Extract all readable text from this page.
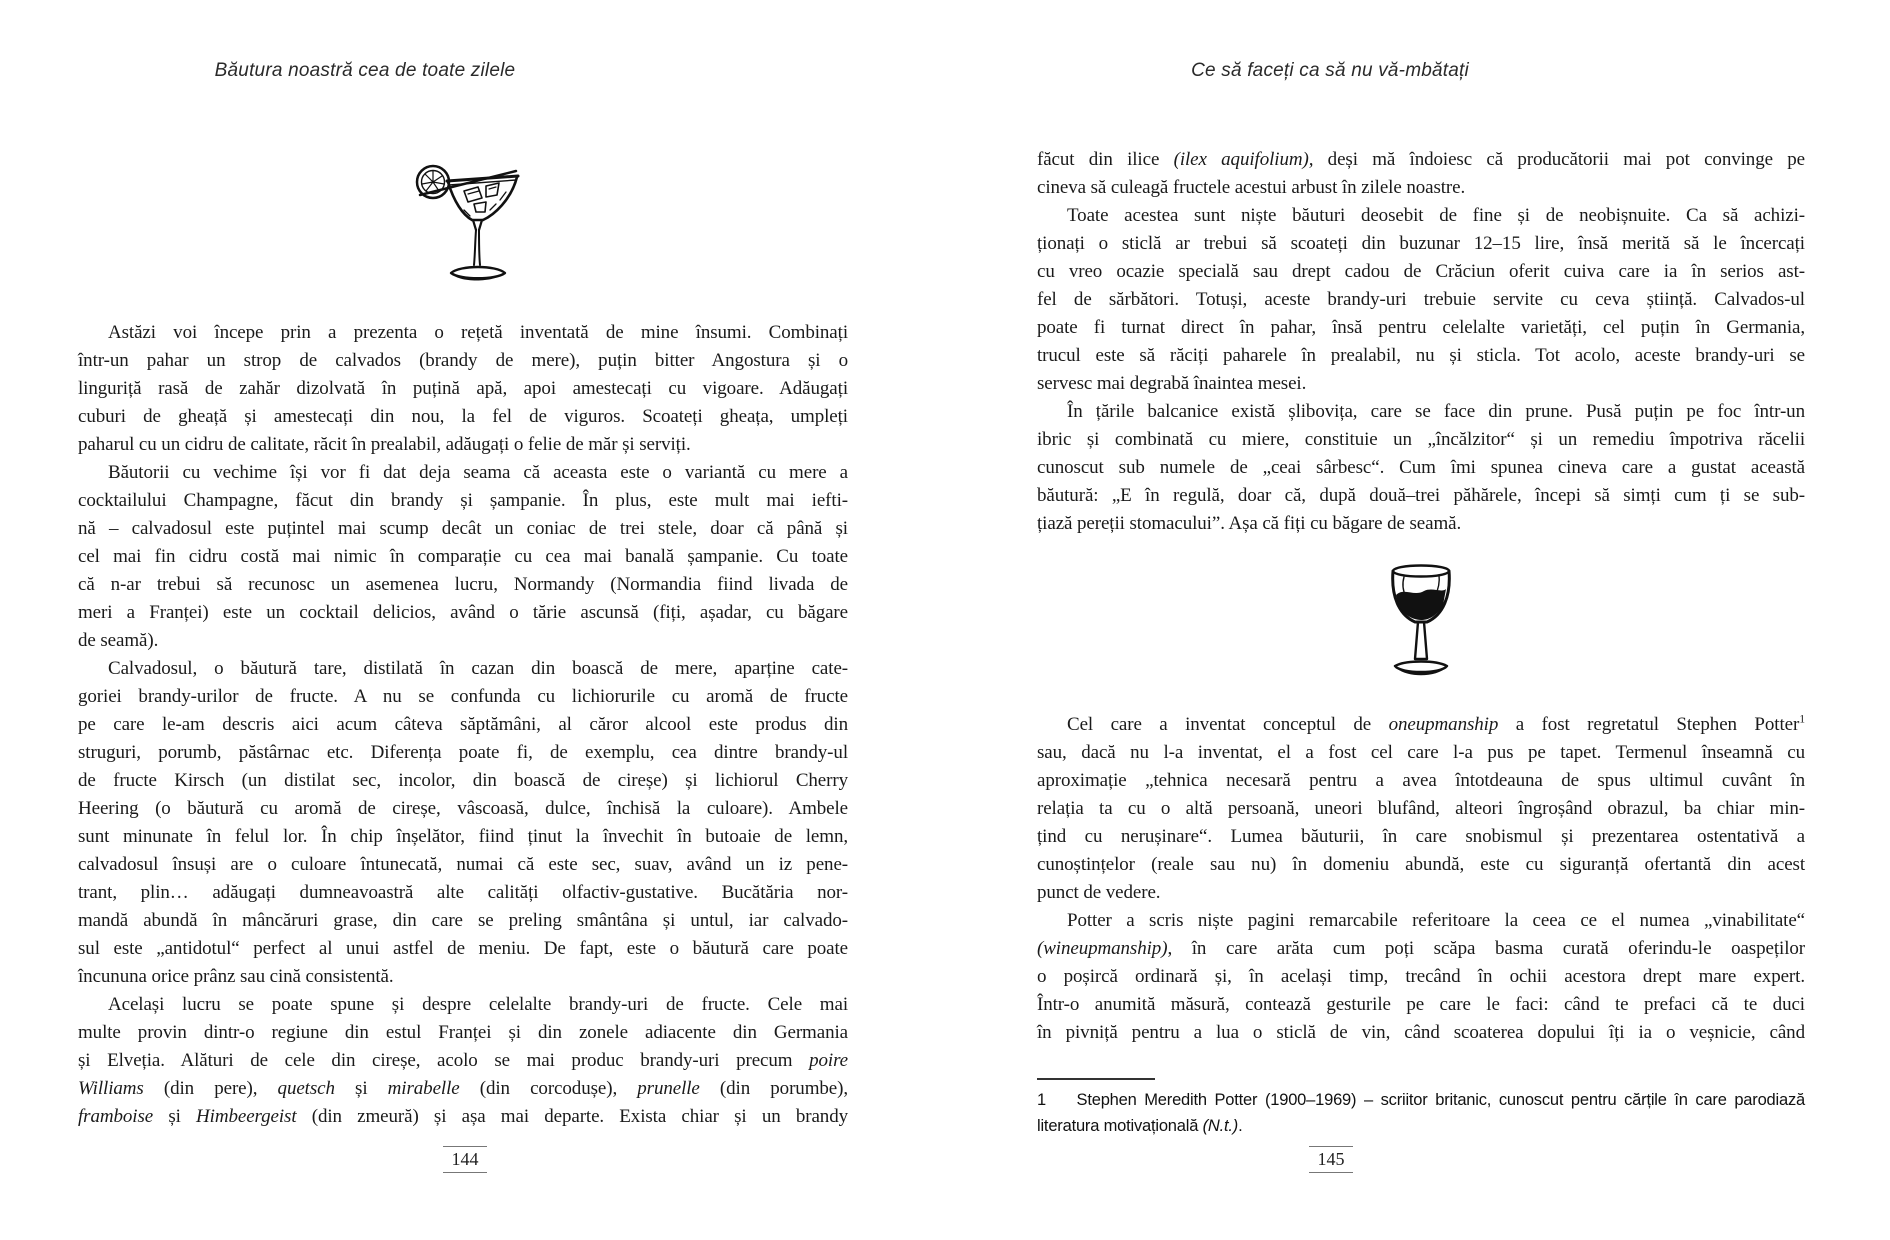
Băutura noastră cea de toate zilele	Ce să faceți ca să nu vă-mbătați
Astăzi voi începe prin a prezenta o rețetă inventată de mine însumi. Combinați
într-un pahar un strop de calvados (brandy de mere), puțin bitter Angostura și o
linguriță rasă de zahăr dizolvată în puțină apă, apoi amestecați cu vigoare. Adăugați
cuburi de gheață și amestecați din nou, la fel de viguros. Scoateți gheața, umpleți
paharul cu un cidru de calitate, răcit în prealabil, adăugați o felie de măr și serviți.
Băutorii cu vechime își vor fi dat deja seama că aceasta este o variantă cu mere a
cocktailului Champagne, făcut din brandy și șampanie. În plus, este mult mai iefti-
nă – calvadosul este puțintel mai scump decât un coniac de trei stele, doar că până și
cel mai fin cidru costă mai nimic în comparație cu cea mai banală șampanie. Cu toate
că n-ar trebui să recunosc un asemenea lucru, Normandy (Normandia fiind livada de
meri a Franței) este un cocktail delicios, având o tărie ascunsă (fiți, așadar, cu băgare
de seamă).
Calvadosul, o băutură tare, distilată în cazan din boască de mere, aparține cate-
goriei brandy-urilor de fructe. A nu se confunda cu lichiorurile cu aromă de fructe
pe care le-am descris aici acum câteva săptămâni, al căror alcool este produs din
struguri, porumb, păstârnac etc. Diferența poate fi, de exemplu, cea dintre brandy-ul
de fructe Kirsch (un distilat sec, incolor, din boască de cireșe) și lichiorul Cherry
Heering (o băutură cu aromă de cireșe, vâscoasă, dulce, închisă la culoare). Ambele
sunt minunate în felul lor. În chip înșelător, fiind ținut la învechit în butoaie de lemn,
calvadosul însuși are o culoare întunecată, numai că este sec, suav, având un iz pene-
trant, plin… adăugați dumneavoastră alte calități olfactiv-gustative. Bucătăria nor-
mandă abundă în mâncăruri grase, din care se preling smântâna și untul, iar calvado-
sul este „antidotul“ perfect al unui astfel de meniu. De fapt, este o băutură care poate
încununa orice prânz sau cină consistentă.
Același lucru se poate spune și despre celelalte brandy-uri de fructe. Cele mai
multe provin dintr-o regiune din estul Franței și din zonele adiacente din Germania
și Elveția. Alături de cele din cireșe, acolo se mai produc brandy-uri precum poire
Williams (din pere), quetsch și mirabelle (din corcodușe), prunelle (din porumbe),
framboise și Himbeergeist (din zmeură) și așa mai departe. Exista chiar și un brandy
făcut din ilice (ilex aquifolium), deși mă îndoiesc că producătorii mai pot convinge pe
cineva să culeagă fructele acestui arbust în zilele noastre.
Toate acestea sunt niște băuturi deosebit de fine și de neobișnuite. Ca să achizi-
ționați o sticlă ar trebui să scoateți din buzunar 12–15 lire, însă merită să le încercați
cu vreo ocazie specială sau drept cadou de Crăciun oferit cuiva care ia în serios ast-
fel de sărbători. Totuși, aceste brandy-uri trebuie servite cu ceva știință. Calvados-ul
poate fi turnat direct în pahar, însă pentru celelalte varietăți, cel puțin în Germania,
trucul este să răciți paharele în prealabil, nu și sticla. Tot acolo, aceste brandy-uri se
servesc mai degrabă înaintea mesei.
În țările balcanice există șlibovița, care se face din prune. Pusă puțin pe foc într-un
ibric și combinată cu miere, constituie un „încălzitor“ și un remediu împotriva răcelii
cunoscut sub numele de „ceai sârbesc“. Cum îmi spunea cineva care a gustat această
băutură: „E în regulă, doar că, după două–trei păhărele, începi să simți cum ți se sub-
țiază pereții stomacului”. Așa că fiți cu băgare de seamă.
Cel care a inventat conceptul de oneupmanship a fost regretatul Stephen Potter$^1$
sau, dacă nu l-a inventat, el a fost cel care l-a pus pe tapet. Termenul înseamnă cu
aproximație „tehnica necesară pentru a avea întotdeauna de spus ultimul cuvânt în
relația ta cu o altă persoană, uneori blufând, alteori îngroșând obrazul, ba chiar min-
țind cu nerușinare“. Lumea băuturii, în care snobismul și prezentarea ostentativă a
cunoștințelor (reale sau nu) în domeniu abundă, este cu siguranță ofertantă din acest
punct de vedere.
Potter a scris niște pagini remarcabile referitoare la ceea ce el numea „vinabilitate“
(wineupmanship), în care arăta cum poți scăpa basma curată oferindu-le oaspeților
o poșircă ordinară și, în același timp, trecând în ochii acestora drept mare expert.
Într-o anumită măsură, contează gesturile pe care le faci: când te prefaci că te duci
în pivniță pentru a lua o sticlă de vin, când scoaterea dopului îți ia o veșnicie, când
1    Stephen Meredith Potter (1900–1969) – scriitor britanic, cunoscut pentru cărțile în care parodiază
literatura motivațională (N.t.).
144	145
